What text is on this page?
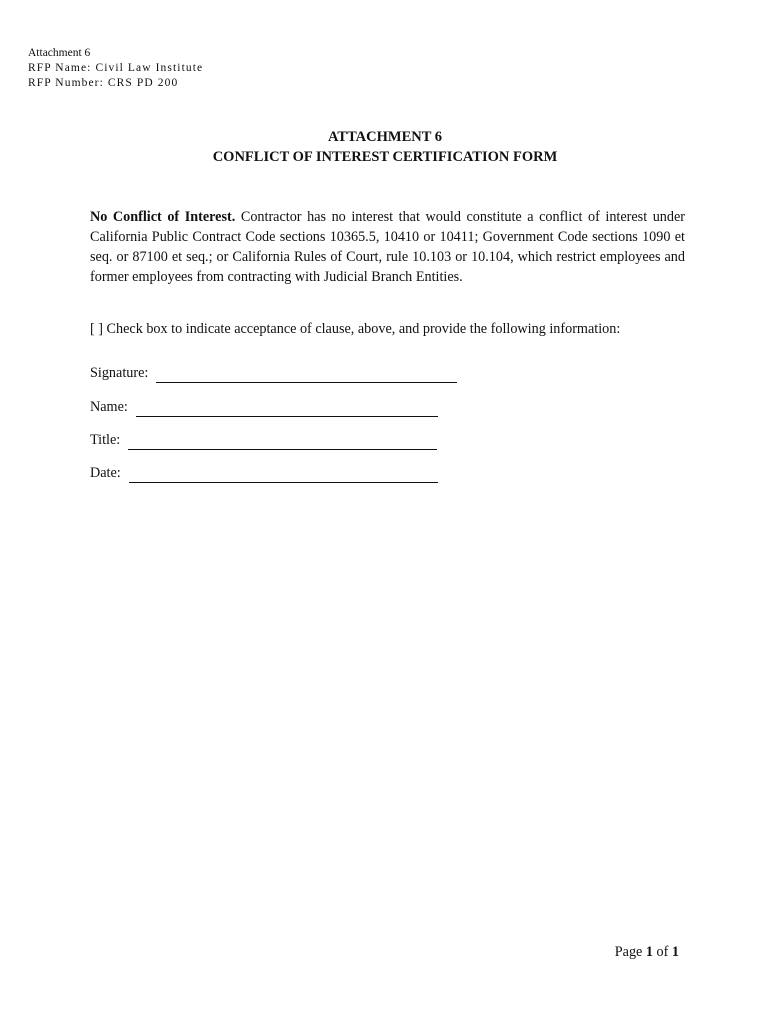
Attachment 6
RFP Name: Civil Law Institute
RFP Number: CRS PD 200
ATTACHMENT 6
CONFLICT OF INTEREST CERTIFICATION FORM
No Conflict of Interest. Contractor has no interest that would constitute a conflict of interest under California Public Contract Code sections 10365.5, 10410 or 10411; Government Code sections 1090 et seq. or 87100 et seq.; or California Rules of Court, rule 10.103 or 10.104, which restrict employees and former employees from contracting with Judicial Branch Entities.
[ ] Check box to indicate acceptance of clause, above, and provide the following information:
Signature:
Name:
Title:
Date:
Page 1 of 1
